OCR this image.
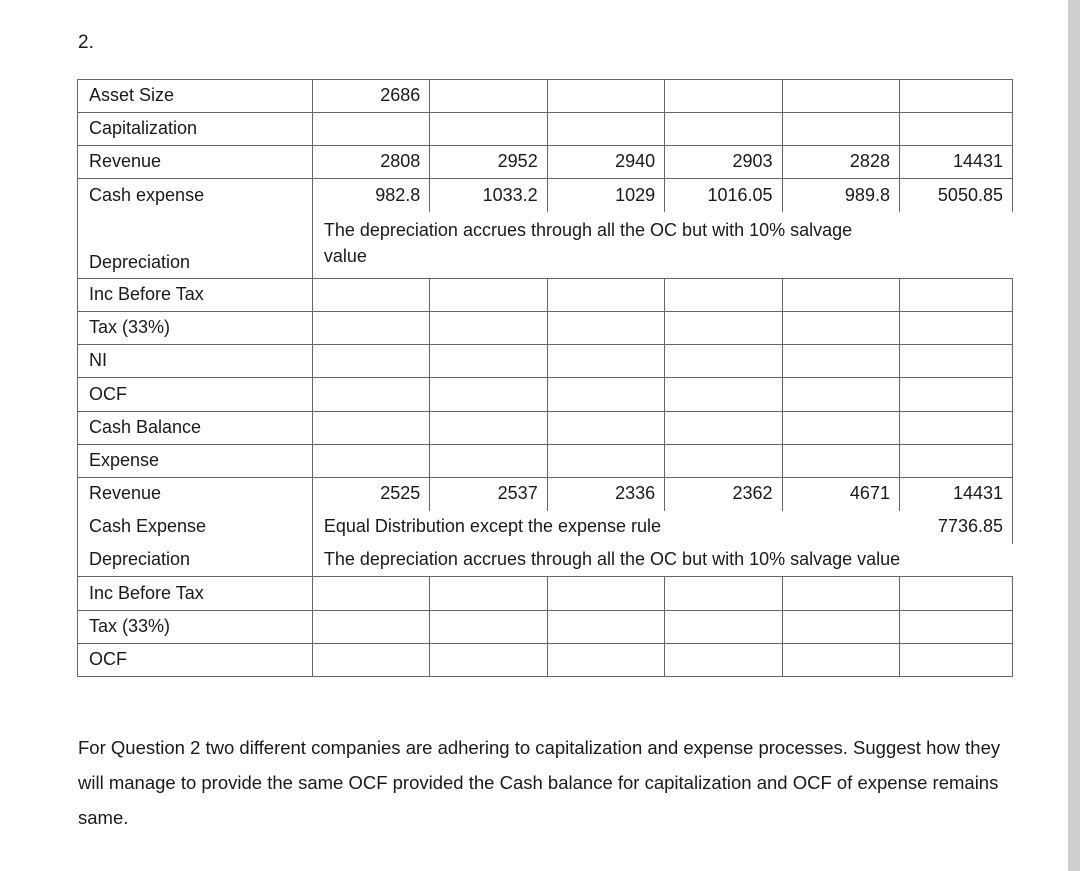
2.
Asset Size	2686					
Capitalization						
Revenue	2808	2952	2940	2903	2828	14431
Cash expense	982.8	1033.2	1029	1016.05	989.8	5050.85
Depreciation	The depreciation accrues through all the OC but with 10% salvage value					
Inc Before Tax						
Tax (33%)						
NI						
OCF						
Cash Balance						
Expense						
Revenue	2525	2537	2336	2362	4671	14431
Cash Expense	Equal Distribution except the expense rule					7736.85
Depreciation	The depreciation accrues through all the OC but with 10% salvage value					
Inc Before Tax						
Tax (33%)						
OCF						

For Question 2 two different companies are adhering to capitalization and expense processes. Suggest how they will manage to provide the same OCF provided the Cash balance for capitalization and OCF of expense remains same.
